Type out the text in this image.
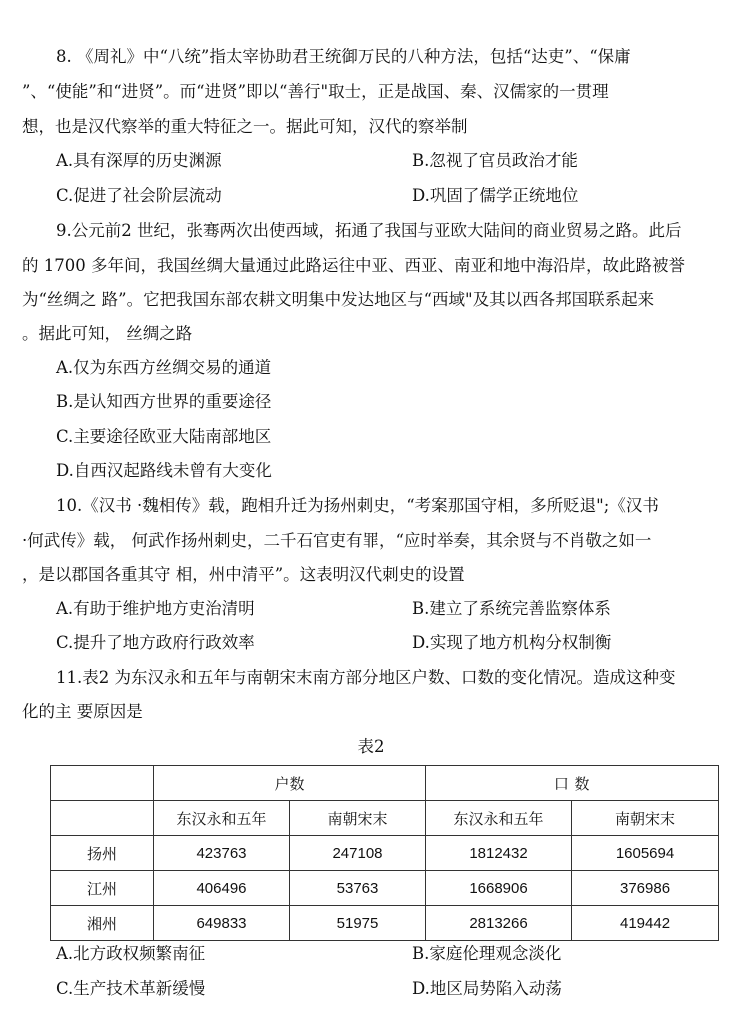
8. 《周礼》中“八统”指太宰协助君王统御万民的八种方法，包括“达吏”、“保庸
”、“使能”和“进贤”。而“进贤”即以“善行"取士，正是战国、秦、汉儒家的一贯理
想，也是汉代察举的重大特征之一。据此可知，汉代的察举制
A.具有深厚的历史渊源	B.忽视了官员政治才能
C.促进了社会阶层流动	D.巩固了儒学正统地位
9.公元前2 世纪，张骞两次出使西域，拓通了我国与亚欧大陆间的商业贸易之路。此后
的 1700 多年间，我国丝绸大量通过此路运往中亚、西亚、南亚和地中海沿岸，故此路被誉
为“丝绸之 路”。它把我国东部农耕文明集中发达地区与“西域"及其以西各邦国联系起来
。据此可知， 丝绸之路
A.仅为东西方丝绸交易的通道
B.是认知西方世界的重要途径
C.主要途径欧亚大陆南部地区
D.自西汉起路线未曾有大变化
10.《汉书 ·魏相传》载，跑相升迁为扬州刺史，“考案那国守相，多所贬退";《汉书
·何武传》载， 何武作扬州刺史，二千石官吏有罪，“应时举奏，其余贤与不肖敬之如一
，是以郡国各重其守 相，州中清平”。这表明汉代刺史的设置
A.有助于维护地方吏治清明	B.建立了系统完善监察体系
C.提升了地方政府行政效率	D.实现了地方机构分权制衡
11.表2 为东汉永和五年与南朝宋末南方部分地区户数、口数的变化情况。造成这种变
化的主 要原因是
表2
	户数		口 数	
	东汉永和五年	南朝宋末	东汉永和五年	南朝宋末
扬州	423763	247108	1812432	1605694
江州	406496	53763	1668906	376986
湘州	649833	51975	2813266	419442
A.北方政权频繁南征	B.家庭伦理观念淡化
C.生产技术革新缓慢	D.地区局势陷入动荡
